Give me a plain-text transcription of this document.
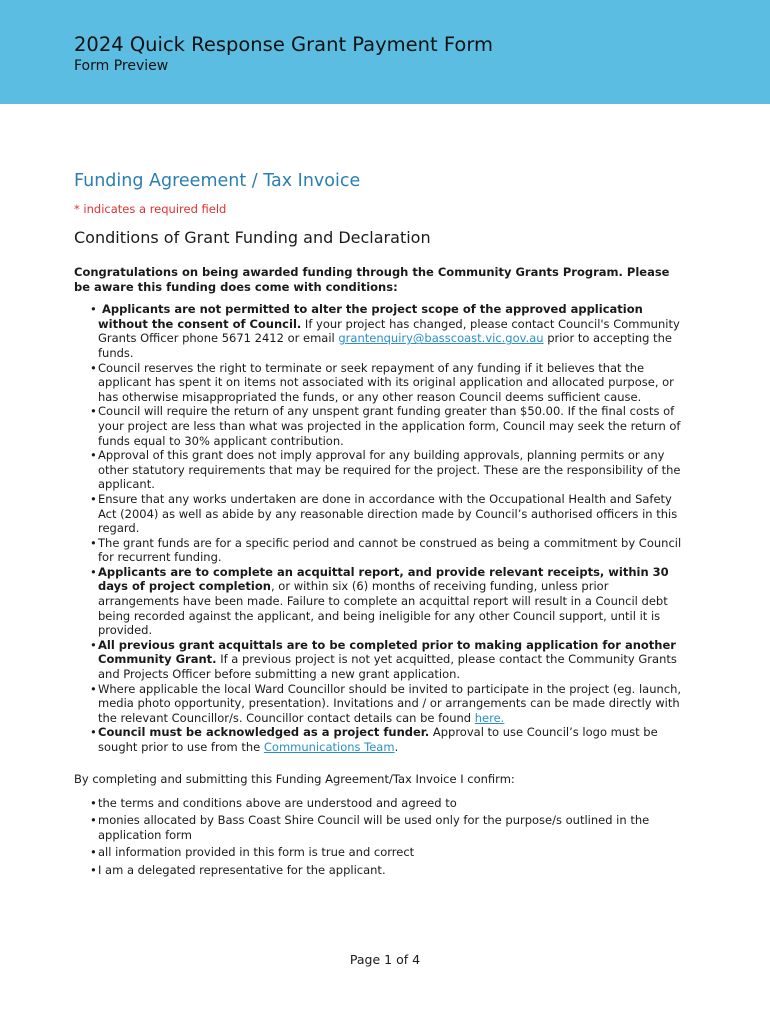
2024 Quick Response Grant Payment Form
Form Preview
Funding Agreement / Tax Invoice
* indicates a required field
Conditions of Grant Funding and Declaration
Congratulations on being awarded funding through the Community Grants Program. Please be aware this funding does come with conditions:
• Applicants are not permitted to alter the project scope of the approved application without the consent of Council. If your project has changed, please contact Council's Community Grants Officer phone 5671 2412 or email grantenquiry@basscoast.vic.gov.au prior to accepting the funds.
• Council reserves the right to terminate or seek repayment of any funding if it believes that the applicant has spent it on items not associated with its original application and allocated purpose, or has otherwise misappropriated the funds, or any other reason Council deems sufficient cause.
• Council will require the return of any unspent grant funding greater than $50.00. If the final costs of your project are less than what was projected in the application form, Council may seek the return of funds equal to 30% applicant contribution.
• Approval of this grant does not imply approval for any building approvals, planning permits or any other statutory requirements that may be required for the project. These are the responsibility of the applicant.
• Ensure that any works undertaken are done in accordance with the Occupational Health and Safety Act (2004) as well as abide by any reasonable direction made by Council’s authorised officers in this regard.
• The grant funds are for a specific period and cannot be construed as being a commitment by Council for recurrent funding.
• Applicants are to complete an acquittal report, and provide relevant receipts, within 30 days of project completion, or within six (6) months of receiving funding, unless prior arrangements have been made. Failure to complete an acquittal report will result in a Council debt being recorded against the applicant, and being ineligible for any other Council support, until it is provided.
• All previous grant acquittals are to be completed prior to making application for another Community Grant. If a previous project is not yet acquitted, please contact the Community Grants and Projects Officer before submitting a new grant application.
• Where applicable the local Ward Councillor should be invited to participate in the project (eg. launch, media photo opportunity, presentation). Invitations and / or arrangements can be made directly with the relevant Councillor/s. Councillor contact details can be found here.
• Council must be acknowledged as a project funder. Approval to use Council’s logo must be sought prior to use from the Communications Team.
By completing and submitting this Funding Agreement/Tax Invoice I confirm:
• the terms and conditions above are understood and agreed to
• monies allocated by Bass Coast Shire Council will be used only for the purpose/s outlined in the application form
• all information provided in this form is true and correct
• I am a delegated representative for the applicant.
Page 1 of 4
